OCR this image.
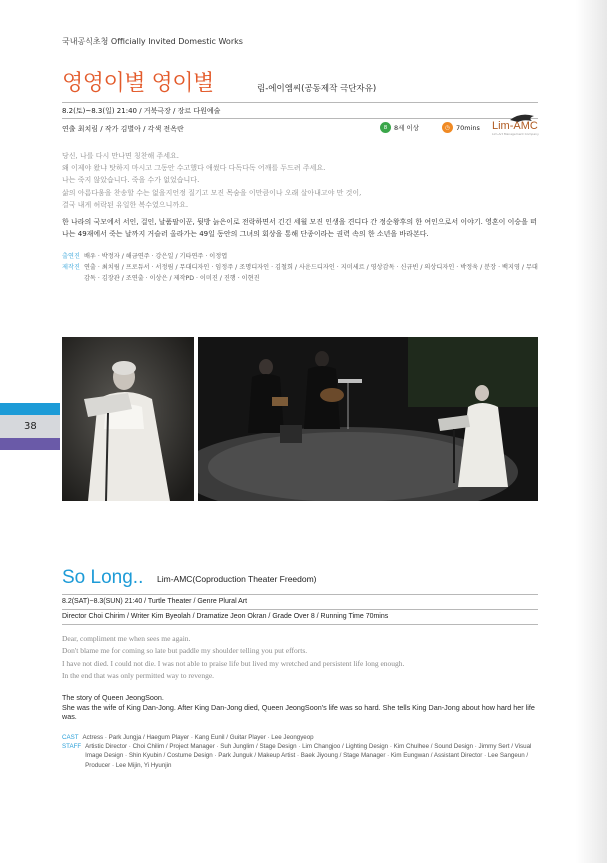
국내공식초청 Officially Invited Domestic Works
영영이별 영이별	림-에이엠씨(공동제작 극단자유)
8.2(토)~8.3(일) 21:40 / 거북극장 / 장르 다원예술
연출 최치림 / 작가 김별아 / 각색 전옥란	8	8세 이상	◷ 70mins Lim-AMC
Lim-Art Management Company
당신, 나를 다시 만나면 칭찬해 주세요.
왜 이제야 왔냐 탓하지 마시고 그동안 수고했다 애썼다 다독다독 어깨를 두드려 주세요.
나는 죽지 않았습니다. 죽을 수가 없었습니다.
삶의 아름다움을 찬송할 수는 없을지언정 질기고 모진 목숨을 이만큼이나 오래 살아내고야 만 것이,
결국 내게 허락된 유일한 복수였으니까요.
한 나라의 국모에서 서인, 걸인, 날품팔이꾼, 뒷방 늙은이로 전락하면서 긴긴 세월 모진 인생을 견디다 간 정순왕후의 한 여인으로서 이야기. 영혼이 이승을 떠나는 49재에서 죽는 날까지 거슬러 올라가는 49일 동안의 그녀의 회상을 통해 단종이라는 권력 속의 한 소년을 바라본다.
출연진 배우 · 박정자 / 해금연주 · 강은일 / 기타연주 · 이정엽
제작진 연출 · 최치림 / 프로듀서 · 서정림 / 무대디자인 · 임정주 / 조명디자인 · 김철희 / 사운드디자인 · 지미세르 / 영상감독 · 신규빈 / 의상디자인 · 박정욱 / 분장 · 백지영 / 무대감독 · 김장관 / 조연출 · 이상은 / 제작PD · 이미진 / 진행 · 이현진
38
So Long.. Lim-AMC(Coproduction Theater Freedom)
8.2(SAT)~8.3(SUN) 21:40 / Turtle Theater / Genre Plural Art
Director Choi Chirim / Writer Kim Byeolah / Dramatize Jeon Okran / Grade Over 8 / Running Time 70mins
Dear, compliment me when sees me again.
Don't blame me for coming so late but paddle my shoulder telling you put efforts.
I have not died. I could not die. I was not able to praise life but lived my wretched and persistent life long enough.
In the end that was only permitted way to revenge.
The story of Queen JeongSoon.
She was the wife of King Dan-Jong. After King Dan-Jong died, Queen JeongSoon's life was so hard. She tells King Dan-Jong about how hard her life was.
CAST Actress · Park Jungja / Haegum Player · Kang Eunil / Guitar Player · Lee Jeongyeop
STAFF Artistic Director · Choi Chilim / Project Manager · Suh Junglim / Stage Design · Lim Changjoo / Lighting Design · Kim Chulhee / Sound Design · Jimmy Sert / Visual Image Design · Shin Kyubin / Costume Design · Park Junguk / Makeup Artist · Baek Jiyoung / Stage Manager · Kim Eungwan / Assistant Director · Lee Sangeun / Producer · Lee Mijin, Yi Hyunjin
